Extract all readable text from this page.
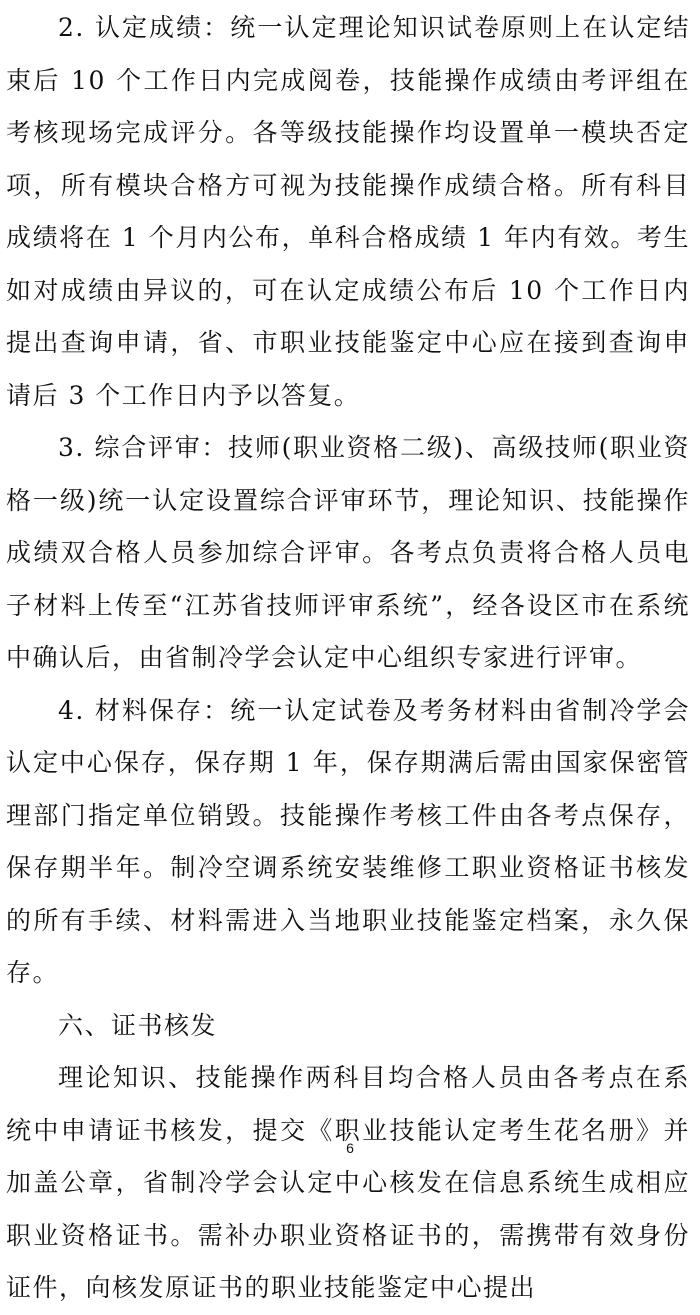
2. 认定成绩：统一认定理论知识试卷原则上在认定结束后 10 个工作日内完成阅卷，技能操作成绩由考评组在考核现场完成评分。各等级技能操作均设置单一模块否定项，所有模块合格方可视为技能操作成绩合格。所有科目成绩将在 1 个月内公布，单科合格成绩 1 年内有效。考生如对成绩由异议的，可在认定成绩公布后 10 个工作日内提出查询申请，省、市职业技能鉴定中心应在接到查询申请后 3 个工作日内予以答复。

3. 综合评审：技师(职业资格二级)、高级技师(职业资格一级)统一认定设置综合评审环节，理论知识、技能操作成绩双合格人员参加综合评审。各考点负责将合格人员电子材料上传至“江苏省技师评审系统”，经各设区市在系统中确认后，由省制冷学会认定中心组织专家进行评审。

4. 材料保存：统一认定试卷及考务材料由省制冷学会认定中心保存，保存期 1 年，保存期满后需由国家保密管理部门指定单位销毁。技能操作考核工件由各考点保存，保存期半年。制冷空调系统安装维修工职业资格证书核发的所有手续、材料需进入当地职业技能鉴定档案，永久保存。

六、证书核发

理论知识、技能操作两科目均合格人员由各考点在系统中申请证书核发，提交《职业技能认定考生花名册》并加盖公章，省制冷学会认定中心核发在信息系统生成相应职业资格证书。需补办职业资格证书的，需携带有效身份证件，向核发原证书的职业技能鉴定中心提出

6
